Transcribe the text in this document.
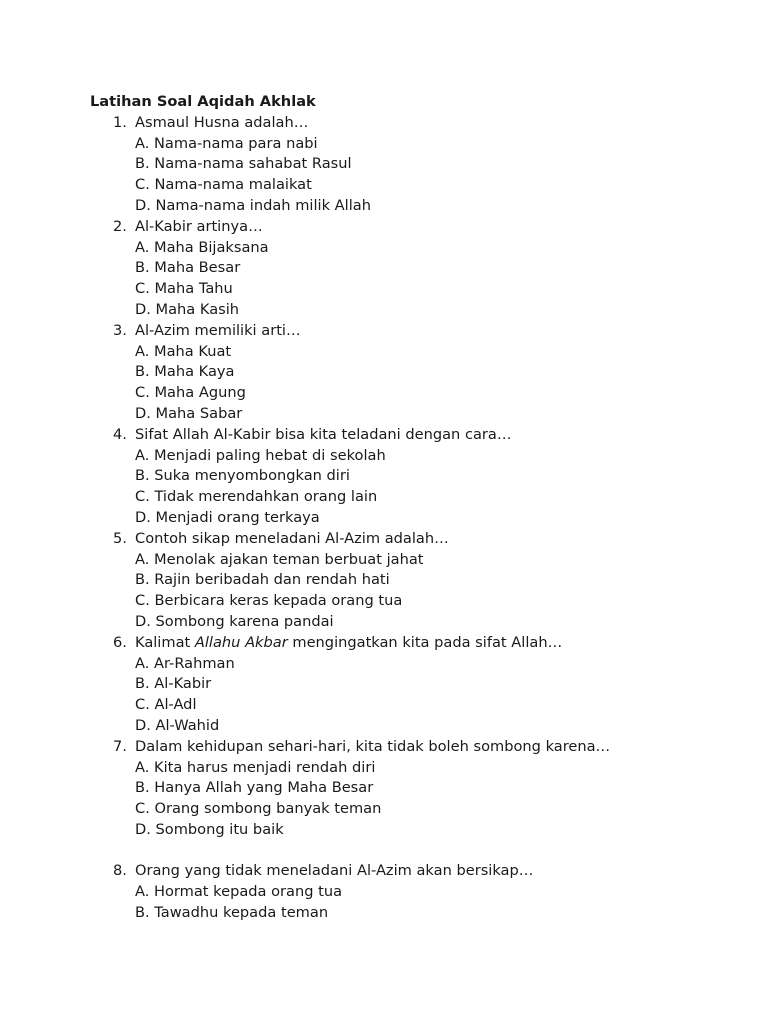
Latihan Soal Aqidah Akhlak

1. Asmaul Husna adalah…
A. Nama-nama para nabi
B. Nama-nama sahabat Rasul
C. Nama-nama malaikat
D. Nama-nama indah milik Allah
2. Al-Kabir artinya…
A. Maha Bijaksana
B. Maha Besar
C. Maha Tahu
D. Maha Kasih
3. Al-Azim memiliki arti…
A. Maha Kuat
B. Maha Kaya
C. Maha Agung
D. Maha Sabar
4. Sifat Allah Al-Kabir bisa kita teladani dengan cara…
A. Menjadi paling hebat di sekolah
B. Suka menyombongkan diri
C. Tidak merendahkan orang lain
D. Menjadi orang terkaya
5. Contoh sikap meneladani Al-Azim adalah…
A. Menolak ajakan teman berbuat jahat
B. Rajin beribadah dan rendah hati
C. Berbicara keras kepada orang tua
D. Sombong karena pandai
6. Kalimat Allahu Akbar mengingatkan kita pada sifat Allah…
A. Ar-Rahman
B. Al-Kabir
C. Al-Adl
D. Al-Wahid
7. Dalam kehidupan sehari-hari, kita tidak boleh sombong karena…
A. Kita harus menjadi rendah diri
B. Hanya Allah yang Maha Besar
C. Orang sombong banyak teman
D. Sombong itu baik
8. Orang yang tidak meneladani Al-Azim akan bersikap…
A. Hormat kepada orang tua
B. Tawadhu kepada teman
